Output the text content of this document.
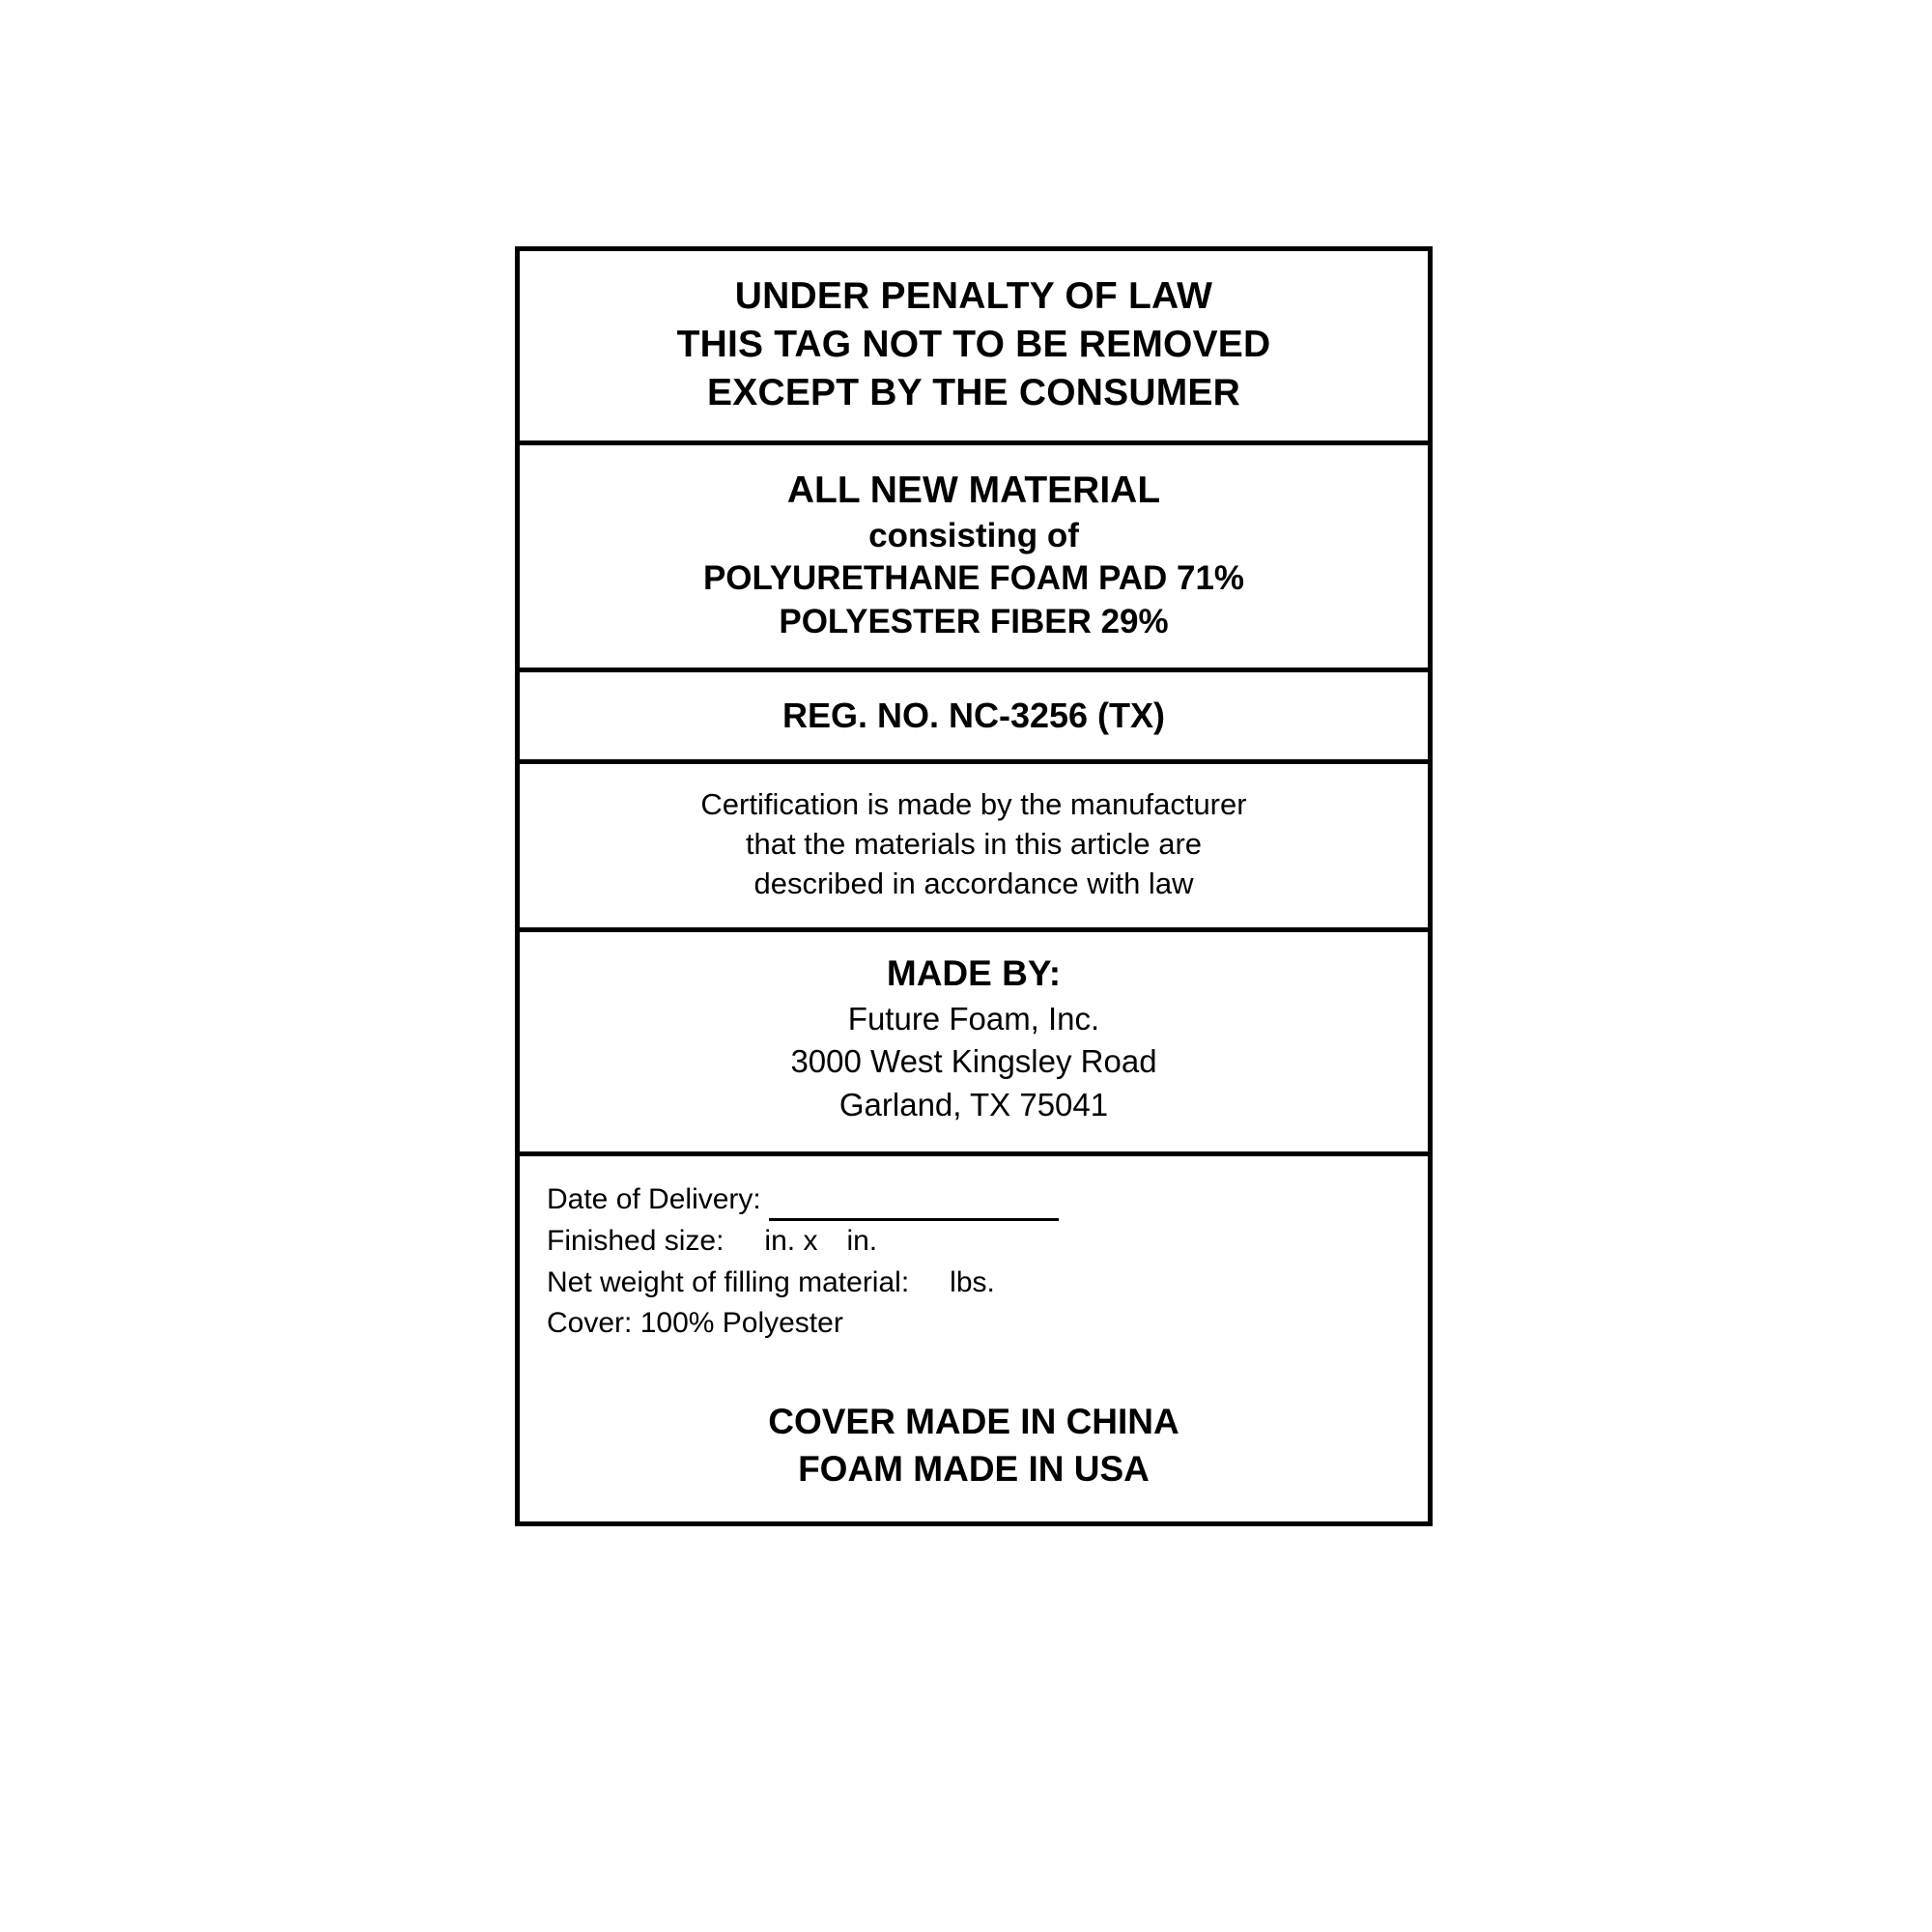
UNDER PENALTY OF LAW
THIS TAG NOT TO BE REMOVED
EXCEPT BY THE CONSUMER
ALL NEW MATERIAL
consisting of
POLYURETHANE FOAM PAD 71%
POLYESTER FIBER 29%
REG. NO. NC-3256 (TX)
Certification is made by the manufacturer
that the materials in this article are
described in accordance with law
MADE BY:
Future Foam, Inc.
3000 West Kingsley Road
Garland, TX 75041
Date of Delivery:
Finished size: in. x in.
Net weight of filling material: lbs.
Cover: 100% Polyester
COVER MADE IN CHINA
FOAM MADE IN USA
